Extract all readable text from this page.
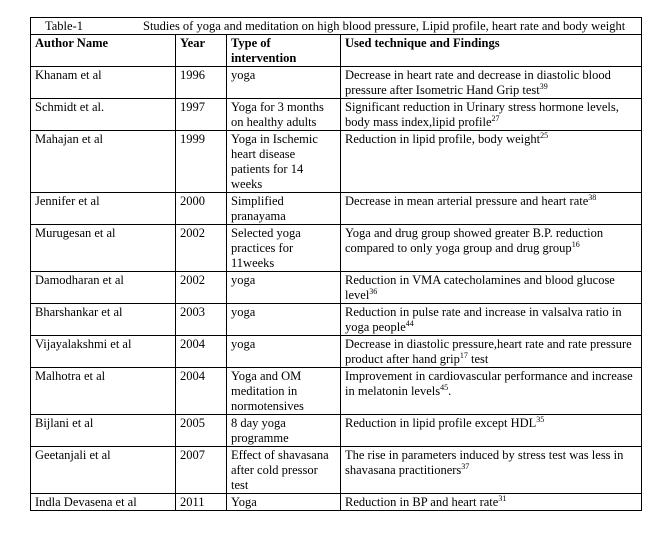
Table-1 Studies of yoga and meditation on high blood pressure, Lipid profile, heart rate and body weight			
Author Name	Year	Type of intervention	Used technique and Findings
Khanam et al	1996	yoga	Decrease in heart rate and decrease in diastolic blood pressure after Isometric Hand Grip test$^{39}$
Schmidt et al.	1997	Yoga for 3 months on healthy adults	Significant reduction in Urinary stress hormone levels, body mass index,lipid profile$^{27}$
Mahajan et al	1999	Yoga in Ischemic heart disease patients for 14 weeks	Reduction in lipid profile, body weight$^{25}$
Jennifer et al	2000	Simplified pranayama	Decrease in mean arterial pressure and heart rate$^{38}$
Murugesan et al	2002	Selected yoga practices for 11weeks	Yoga and drug group showed greater B.P. reduction compared to only yoga group and drug group$^{16}$
Damodharan et al	2002	yoga	Reduction in VMA catecholamines and blood glucose level$^{36}$
Bharshankar et al	2003	yoga	Reduction in pulse rate and increase in valsalva ratio in yoga people$^{44}$
Vijayalakshmi et al	2004	yoga	Decrease in diastolic pressure,heart rate and rate pressure product after hand grip$^{17}$ test
Malhotra et al	2004	Yoga and OM meditation in normotensives	Improvement in cardiovascular performance and increase in melatonin levels$^{45}$.
Bijlani et al	2005	8 day yoga programme	Reduction in lipid profile except HDL$^{35}$
Geetanjali et al	2007	Effect of shavasana after cold pressor test	The rise in parameters induced by stress test was less in shavasana practitioners$^{37}$
Indla Devasena et al	2011	Yoga	Reduction in BP and heart rate$^{31}$
